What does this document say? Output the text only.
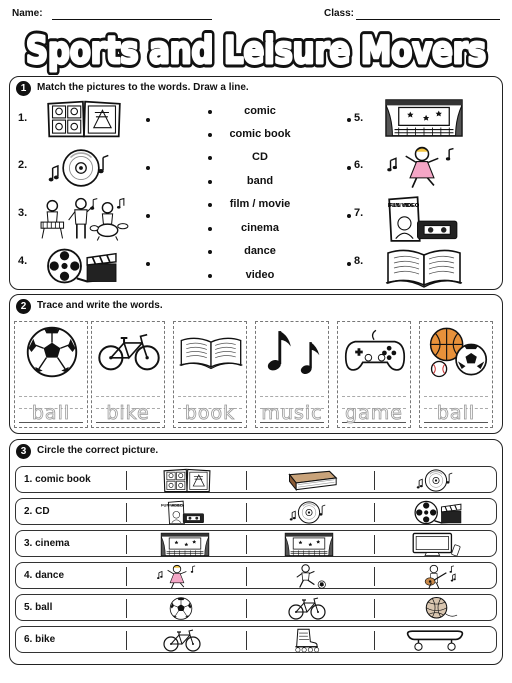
Name:	Class:
Sports and Leisure Movers
Sports and Leisure Movers
1	Match the pictures to the words. Draw a line.
1.
2.
3.
4.
comic
comic book
CD
band
film / movie
cinema
dance
video
5.
6.
7.
8.
FUN VIDEO
2	Trace and write the words.
ball	bike	book	music game	ball
3	Circle the correct picture.
1. comic book
2. CD
FUN VIDEO
3. cinema
4. dance
5. ball
6. bike
